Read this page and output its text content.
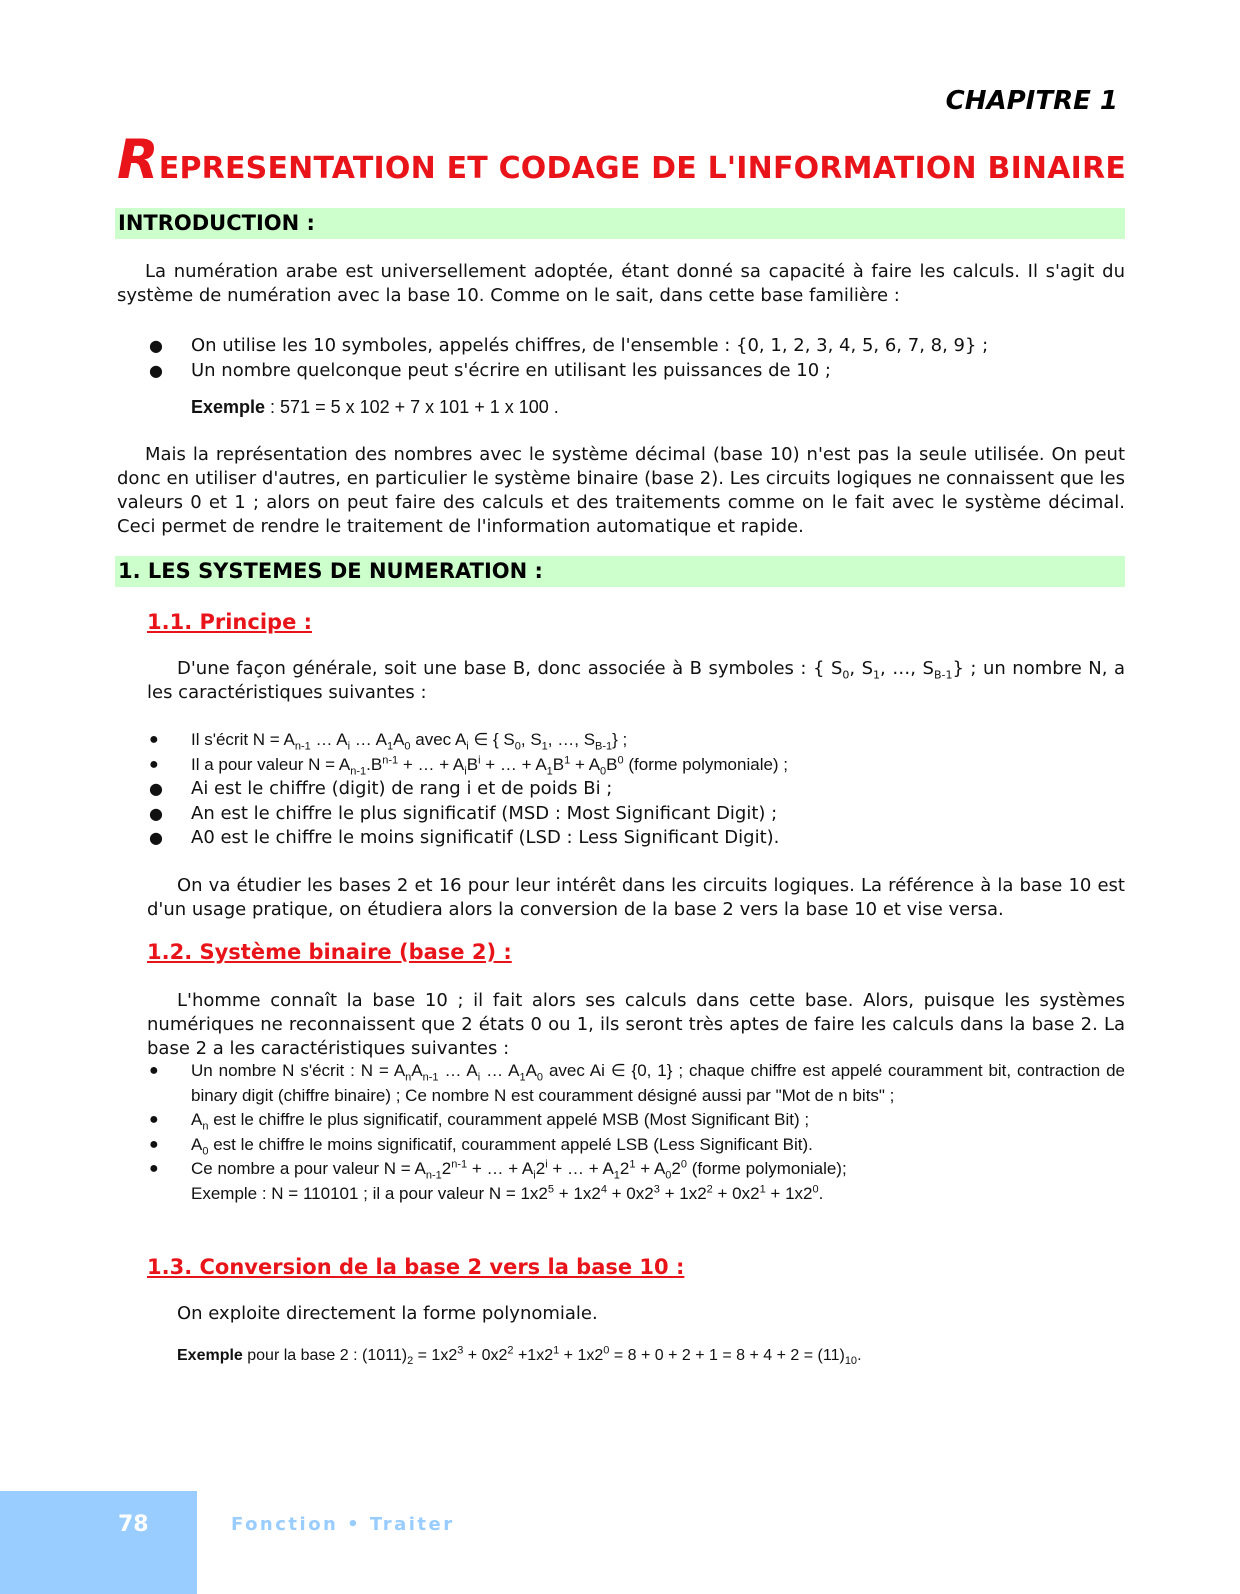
CHAPITRE 1
REPRESENTATION ET CODAGE DE L'INFORMATION BINAIRE
INTRODUCTION :
La numération arabe est universellement adoptée, étant donné sa capacité à faire les calculs. Il s'agit du système de numération avec la base 10. Comme on le sait, dans cette base familière :
●	On utilise les 10 symboles, appelés chiffres, de l'ensemble : {0, 1, 2, 3, 4, 5, 6, 7, 8, 9} ;
●	Un nombre quelconque peut s'écrire en utilisant les puissances de 10 ;
Exemple : 571 = 5 x 102 + 7 x 101 + 1 x 100 .
Mais la représentation des nombres avec le système décimal (base 10) n'est pas la seule utilisée. On peut donc en utiliser d'autres, en particulier le système binaire (base 2). Les circuits logiques ne connaissent que les valeurs 0 et 1 ; alors on peut faire des calculs et des traitements comme on le fait avec le système décimal. Ceci permet de rendre le traitement de l'information automatique et rapide.
1. LES SYSTEMES DE NUMERATION :
1.1. Principe :
D'une façon générale, soit une base B, donc associée à B symboles : { $S_0$, $S_1$, …, $S_{B-1}$} ; un nombre N, a les caractéristiques suivantes :
●	Il s'écrit $N = A_{n-1}$ … $A_i$ … $A_1A_0$ avec $A_i$ ∈ { $S_0$, $S_1$, …, $S_{B-1}$} ;
●	Il a pour valeur $N = A_{n-1}.B^{n-1}$ + … + $A_iB^i$ + … + $A_1B^1 + A_0B^0$ (forme polymoniale) ;
●	Ai est le chiffre (digit) de rang i et de poids Bi ;
●	An est le chiffre le plus significatif (MSD : Most Significant Digit) ;
●	A0 est le chiffre le moins significatif (LSD : Less Significant Digit).
On va étudier les bases 2 et 16 pour leur intérêt dans les circuits logiques. La référence à la base 10 est d'un usage pratique, on étudiera alors la conversion de la base 2 vers la base 10 et vise versa.
1.2. Système binaire (base 2) :
L'homme connaît la base 10 ; il fait alors ses calculs dans cette base. Alors, puisque les systèmes numériques ne reconnaissent que 2 états 0 ou 1, ils seront très aptes de faire les calculs dans la base 2. La base 2 a les caractéristiques suivantes :
●	Un nombre N s'écrit : $N = A_nA_{n-1}$ … $A_i$ … $A_1A_0$ avec Ai ∈ {0, 1} ; chaque chiffre est appelé couramment bit, contraction de binary digit (chiffre binaire) ; Ce nombre N est couramment désigné aussi par "Mot de n bits" ;
●	$A_n$ est le chiffre le plus significatif, couramment appelé MSB (Most Significant Bit) ;
●	$A_0$ est le chiffre le moins significatif, couramment appelé LSB (Less Significant Bit).
●	Ce nombre a pour valeur $N = A_{n-1}2^{n-1}$ + … + $A_i2^i$ + … + $A_12^1 + A_02^0$ (forme polymoniale);
Exemple : N = 110101 ; il a pour valeur $N = 1x2^5 + 1x2^4 + 0x2^3 + 1x2^2 + 0x2^1 + 1x2^0$.
1.3. Conversion de la base 2 vers la base 10 :
On exploite directement la forme polynomiale.
Exemple pour la base 2 : $(1011)_2 = 1x2^3 + 0x2^2 +1x2^1 + 1x2^0 = 8 + 0 + 2 + 1 = 8 + 4 + 2 = (11)_{10}$.
78	Fonction • Traiter
